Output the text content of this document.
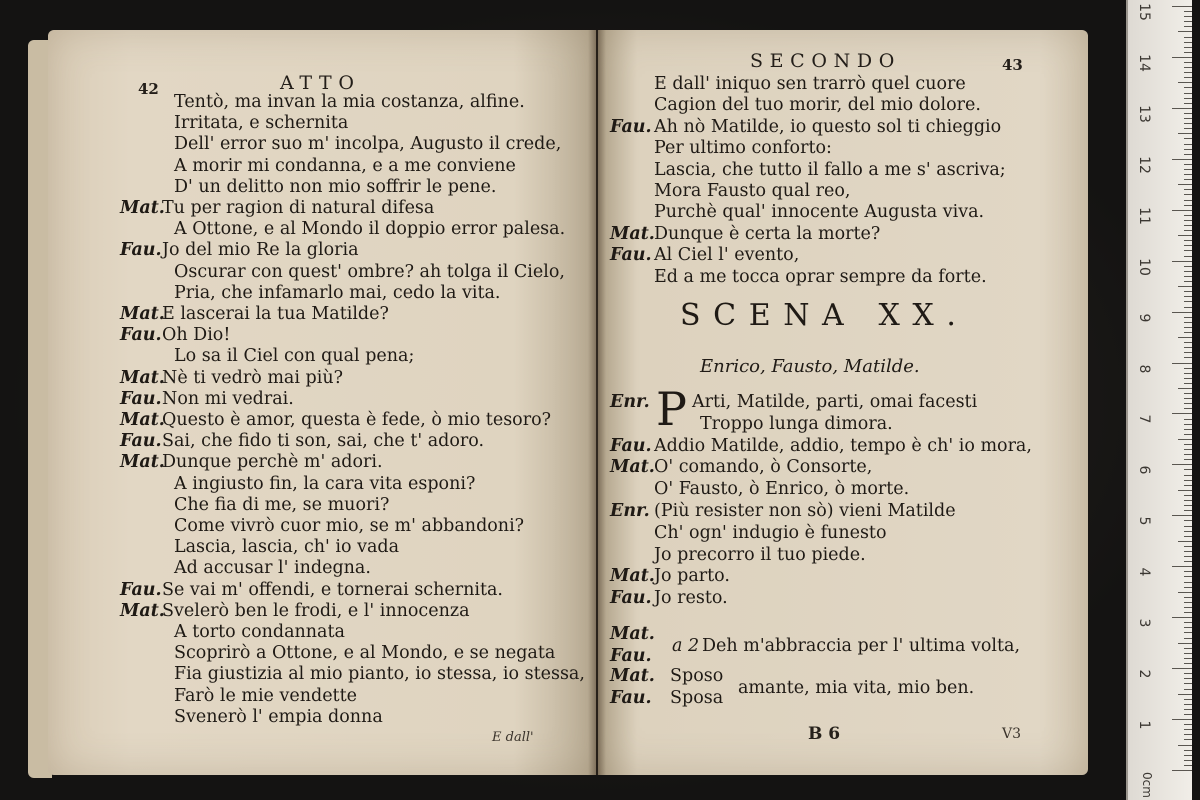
42	ATTO
Tentò, ma invan la mia costanza, alfine.
Irritata, e schernita
Dell' error suo m' incolpa, Augusto il crede,
A morir mi condanna, e a me conviene
D' un delitto non mio soffrir le pene.
Mat.Tu per ragion di natural difesa
A Ottone, e al Mondo il doppio error palesa.
Fau.Jo del mio Re la gloria
Oscurar con quest' ombre? ah tolga il Cielo,
Pria, che infamarlo mai, cedo la vita.
Mat.E lascerai la tua Matilde?
Fau.Oh Dio!
Lo sa il Ciel con qual pena;
Mat.Nè ti vedrò mai più?
Fau.Non mi vedrai.
Mat.Questo è amor, questa è fede, ò mio tesoro?
Fau.Sai, che fido ti son, sai, che t' adoro.
Mat.Dunque perchè m' adori.
A ingiusto fin, la cara vita esponi?
Che fia di me, se muori?
Come vivrò cuor mio, se m' abbandoni?
Lascia, lascia, ch' io vada
Ad accusar l' indegna.
Fau.Se vai m' offendi, e tornerai schernita.
Mat.Svelerò ben le frodi, e l' innocenza
A torto condannata
Scoprirò a Ottone, e al Mondo, e se negata
Fia giustizia al mio pianto, io stessa, io stessa,
Farò le mie vendette
Svenerò l' empia donna
E dall'
SECONDO	43
E dall' iniquo sen trarrò quel cuore
Cagion del tuo morir, del mio dolore.
Fau. Ah nò Matilde, io questo sol ti chieggio
Per ultimo conforto:
Lascia, che tutto il fallo a me s' ascriva;
Mora Fausto qual reo,
Purchè qual' innocente Augusta viva.
Mat.Dunque è certa la morte?
Fau. Al Ciel l' evento,
Ed a me tocca oprar sempre da forte.
SCENA XX.
Enrico, Fausto, Matilde.
P
Enr. Arti, Matilde, parti, omai facesti
Troppo lunga dimora.
Fau. Addio Matilde, addio, tempo è ch' io mora,
Mat.O' comando, ò Consorte,
O' Fausto, ò Enrico, ò morte.
Enr. (Più resister non sò) vieni Matilde
Ch' ogn' indugio è funesto
Jo precorro il tuo piede.
Mat.Jo parto.
Fau. Jo resto.
Mat.
Fau. a 2 Deh m'abbraccia per l' ultima volta,
Mat.
Fau.
Sposo
Sposa amante, mia vita, mio ben.
B 6	V3
15
14
13
12
11
10
9
8
7
6
5
4
3
2
1
0cm
